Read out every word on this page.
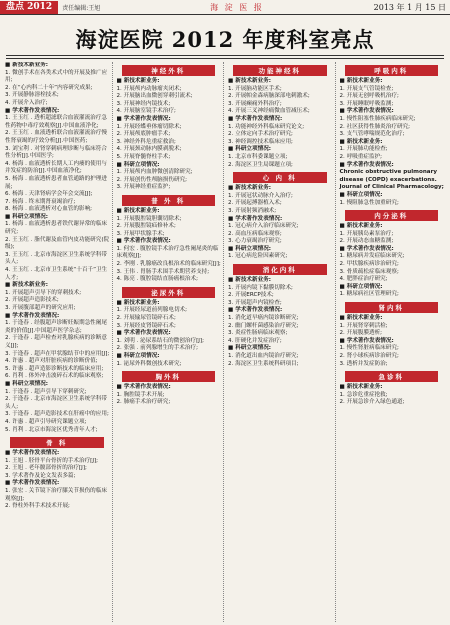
盘点 2012	责任编辑:王旭	海 淀 医 报	2013 年 1 月 15 日
海淀医院 2012 年度科室亮点

■ 新技术新业务:

1. 微创手术在各类术式中的开展及推广应用;

2. 在“心内科二十年”内容研究成果;

3. 开展静脉溶栓技术;

4. 开展介入治疗;

■ 学术著作发表情况:

1. 王玉红 . 透析超滤联合血液灌流治疗急性药物中毒疗效观察[J].中国血液净化;

2. 王玉红 . 血液透析联合血液灌流治疗慢性肾衰竭的疗效分析[J].中国医药;

3. 刘宝利 . 对肾穿刺病理诊断与临床符合性分析[J].中国医学;

4. 杨海 . 血液透析长期人工内瘘的使用与并发症的防治[J].中国血液净化;

5. 杨海 . 血液透析患者血管通路的护理进展;

6. 杨海 . 天津肾病学会年会交流[J];

7. 杨海 . 终末期肾衰竭治疗;

8. 杨海 . 血液透析对心血管的影响;

■ 科研立项情况:

1. 杨海 . 血液透析患者铁代谢异常的临床研究;

2. 王玉红 . 脂代谢及血管内皮功能研究(院级);

3. 王玉红 . 北京市海淀区卫生系统学科带头人;

4. 王玉红 . 北京市卫生系统“十百千”卫生人才;

■ 新技术新业务:

1. 开展超声引导下的穿刺技术;

2. 开展超声造影技术;

3. 开展腹部超声的研究应用;

■ 学术著作发表情况:

1. 于逢春 . 经腹超声诊断妊娠期急性阑尾炎的价值[J].中国超声医学杂志;

2. 于逢春 . 超声检查对乳腺疾病的诊断意义[J];

3. 于逢春 . 超声在甲状腺结节中的应用[J];

4. 许惠 . 超声对肝脏疾病的诊断价值;

5. 许惠 . 超声造影诊断技术的临床应用;

6. 肖利 . 体外冲击波碎石术的临床观察;

■ 科研立项情况:

1. 于逢春 . 超声引导下穿刺研究;

2. 于逢春 . 北京市海淀区卫生系统学科带头人;

3. 于逢春 . 超声造影技术在肝癌中的应用;

4. 许惠 . 超声引导研究课题立项;

5. 肖利 . 北京市海淀区优秀青年人才;

骨 科

■ 学术著作发表情况:

1. 王旭 . 胫骨平台骨折的手术治疗[J];

2. 王旭 . 老年髋部骨折的治疗[J];

3. 学术著作及论文发表多篇;

■ 学术著作发表情况:

1. 张宏 . 关节镜下治疗膝关节损伤的临床观察[J];

2. 脊柱外科手术技术开展;

神经外科

■ 新技术新业务:

1. 开展颅内动脉瘤夹闭术;

2. 开展脑出血微创穿刺引流术;

3. 开展神经内镜技术;

4. 开展脑室镜手术治疗;

■ 学术著作发表情况:

1. 开展经蝶垂体瘤切除术;

2. 开展颅底肿瘤手术;

3. 神经外科危重症救治;

4. 开展颈动脉内膜剥脱术;

5. 开展脊髓脊柱手术;

■ 科研立项情况:

1. 开展颅内血肿微创清除研究;

2. 开展创伤性颅脑损伤研究;

3. 开展神经重症监护;

普 外 科

■ 新技术新业务:

1. 开展腹腔镜胆囊切除术;

2. 开展腹腔镜疝修补术;

3. 开展甲状腺手术;

■ 学术著作发表情况:

1. 何宏 . 腹腔镜手术治疗急性阑尾炎的临床观察[J];

2. 李刚 . 乳腺癌改良根治术的临床研究[J];

3. 王伟 . 胃肠手术围手术期营养支持;

4. 陈亮 . 腹腔镜结直肠癌根治术;

泌尿外科

■ 新技术新业务:

1. 开展经尿道前列腺电切术;

2. 开展输尿管镜碎石术;

3. 开展经皮肾镜碎石术;

■ 学术著作发表情况:

1. 刘明 . 泌尿系结石的微创治疗[J];

2. 张强 . 前列腺增生的手术治疗;

■ 科研立项情况:

1. 泌尿外科微创技术研究;

胸外科

■ 学术著作发表情况:

1. 胸腔镜手术开展;

2. 肺癌手术治疗研究;

功能神经科

■ 新技术新业务:

1. 开展脑功能区手术;

2. 开展帕金森病脑深部电刺激术;

3. 开展癫痫外科治疗;

4. 开展三叉神经痛微血管减压术;

■ 学术著作发表情况:

1. 功能神经外科临床研究论文;

2. 立体定向手术治疗研究;

3. 神经调控技术临床应用;

■ 科研立项情况:

1. 北京市科委课题立项;

2. 海淀区卫生局课题立项;

心 内 科

■ 新技术新业务:

1. 开展冠状动脉介入治疗;

2. 开展起搏器植入术;

3. 开展射频消融术;

■ 学术著作发表情况:

1. 冠心病介入治疗临床研究;

2. 高血压病临床观察;

3. 心力衰竭治疗研究;

■ 科研立项情况:

1. 冠心病危险因素研究;

消化内科

■ 新技术新业务:

1. 开展内镜下黏膜切除术;

2. 开展ERCP技术;

3. 开展超声内镜检查;

■ 学术著作发表情况:

1. 消化道早癌内镜诊断研究;

2. 幽门螺杆菌感染治疗研究;

3. 炎症性肠病临床观察;

4. 肝硬化并发症治疗;

■ 科研立项情况:

1. 消化道出血内镜治疗研究;

2. 海淀区卫生系统科研项目;

呼吸内科

■ 新技术新业务:

1. 开展支气管镜检查;

2. 开展无创呼吸机治疗;

3. 开展睡眠呼吸监测;

■ 学术著作发表情况:

1. 慢性阻塞性肺疾病临床研究;

2. 社区获得性肺炎治疗研究;

3. 支气管哮喘规范化治疗;

■ 新技术新业务:

1. 开展肺功能检查;

2. 呼吸重症监护;

■ 学术著作发表情况:

Chronic obstructive pulmonary disease (COPD) exacerbations. Journal of Clinical Pharmacology;

■ 科研立项情况:

1. 慢阻肺急性加重研究;

内分泌科

■ 新技术新业务:

1. 开展胰岛素泵治疗;

2. 开展动态血糖监测;

■ 学术著作发表情况:

1. 糖尿病并发症临床研究;

2. 甲状腺疾病诊治研究;

3. 骨质疏松症临床观察;

4. 肥胖症治疗研究;

■ 科研立项情况:

1. 糖尿病社区管理研究;

肾内科

■ 新技术新业务:

1. 开展肾穿刺活检;

2. 开展腹膜透析;

■ 学术著作发表情况:

1. 慢性肾脏病临床研究;

2. 肾小球疾病诊治研究;

3. 透析并发症防治;

急诊科

■ 新技术新业务:

1. 急诊危重症抢救;

2. 开展急诊介入绿色通道;
